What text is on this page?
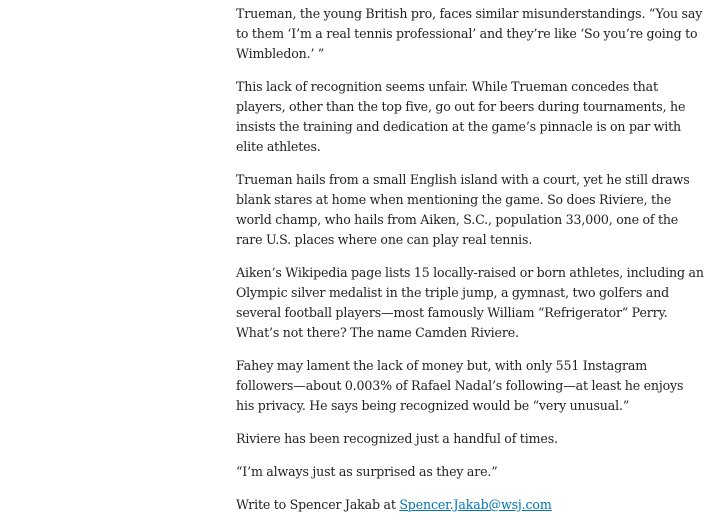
Trueman, the young British pro, faces similar misunderstandings. “You say to them ‘I’m a real tennis professional’ and they’re like ‘So you’re going to Wimbledon.’ ”

This lack of recognition seems unfair. While Trueman concedes that players, other than the top five, go out for beers during tournaments, he insists the training and dedication at the game’s pinnacle is on par with elite athletes.

Trueman hails from a small English island with a court, yet he still draws blank stares at home when mentioning the game. So does Riviere, the world champ, who hails from Aiken, S.C., population 33,000, one of the rare U.S. places where one can play real tennis.

Aiken’s Wikipedia page lists 15 locally-raised or born athletes, including an Olympic silver medalist in the triple jump, a gymnast, two golfers and several football players—most famously William “Refrigerator” Perry. What’s not there? The name Camden Riviere.

Fahey may lament the lack of money but, with only 551 Instagram followers—about 0.003% of Rafael Nadal’s following—at least he enjoys his privacy. He says being recognized would be “very unusual.”

Riviere has been recognized just a handful of times.

“I’m always just as surprised as they are.”

Write to Spencer Jakab at Spencer.Jakab@wsj.com
